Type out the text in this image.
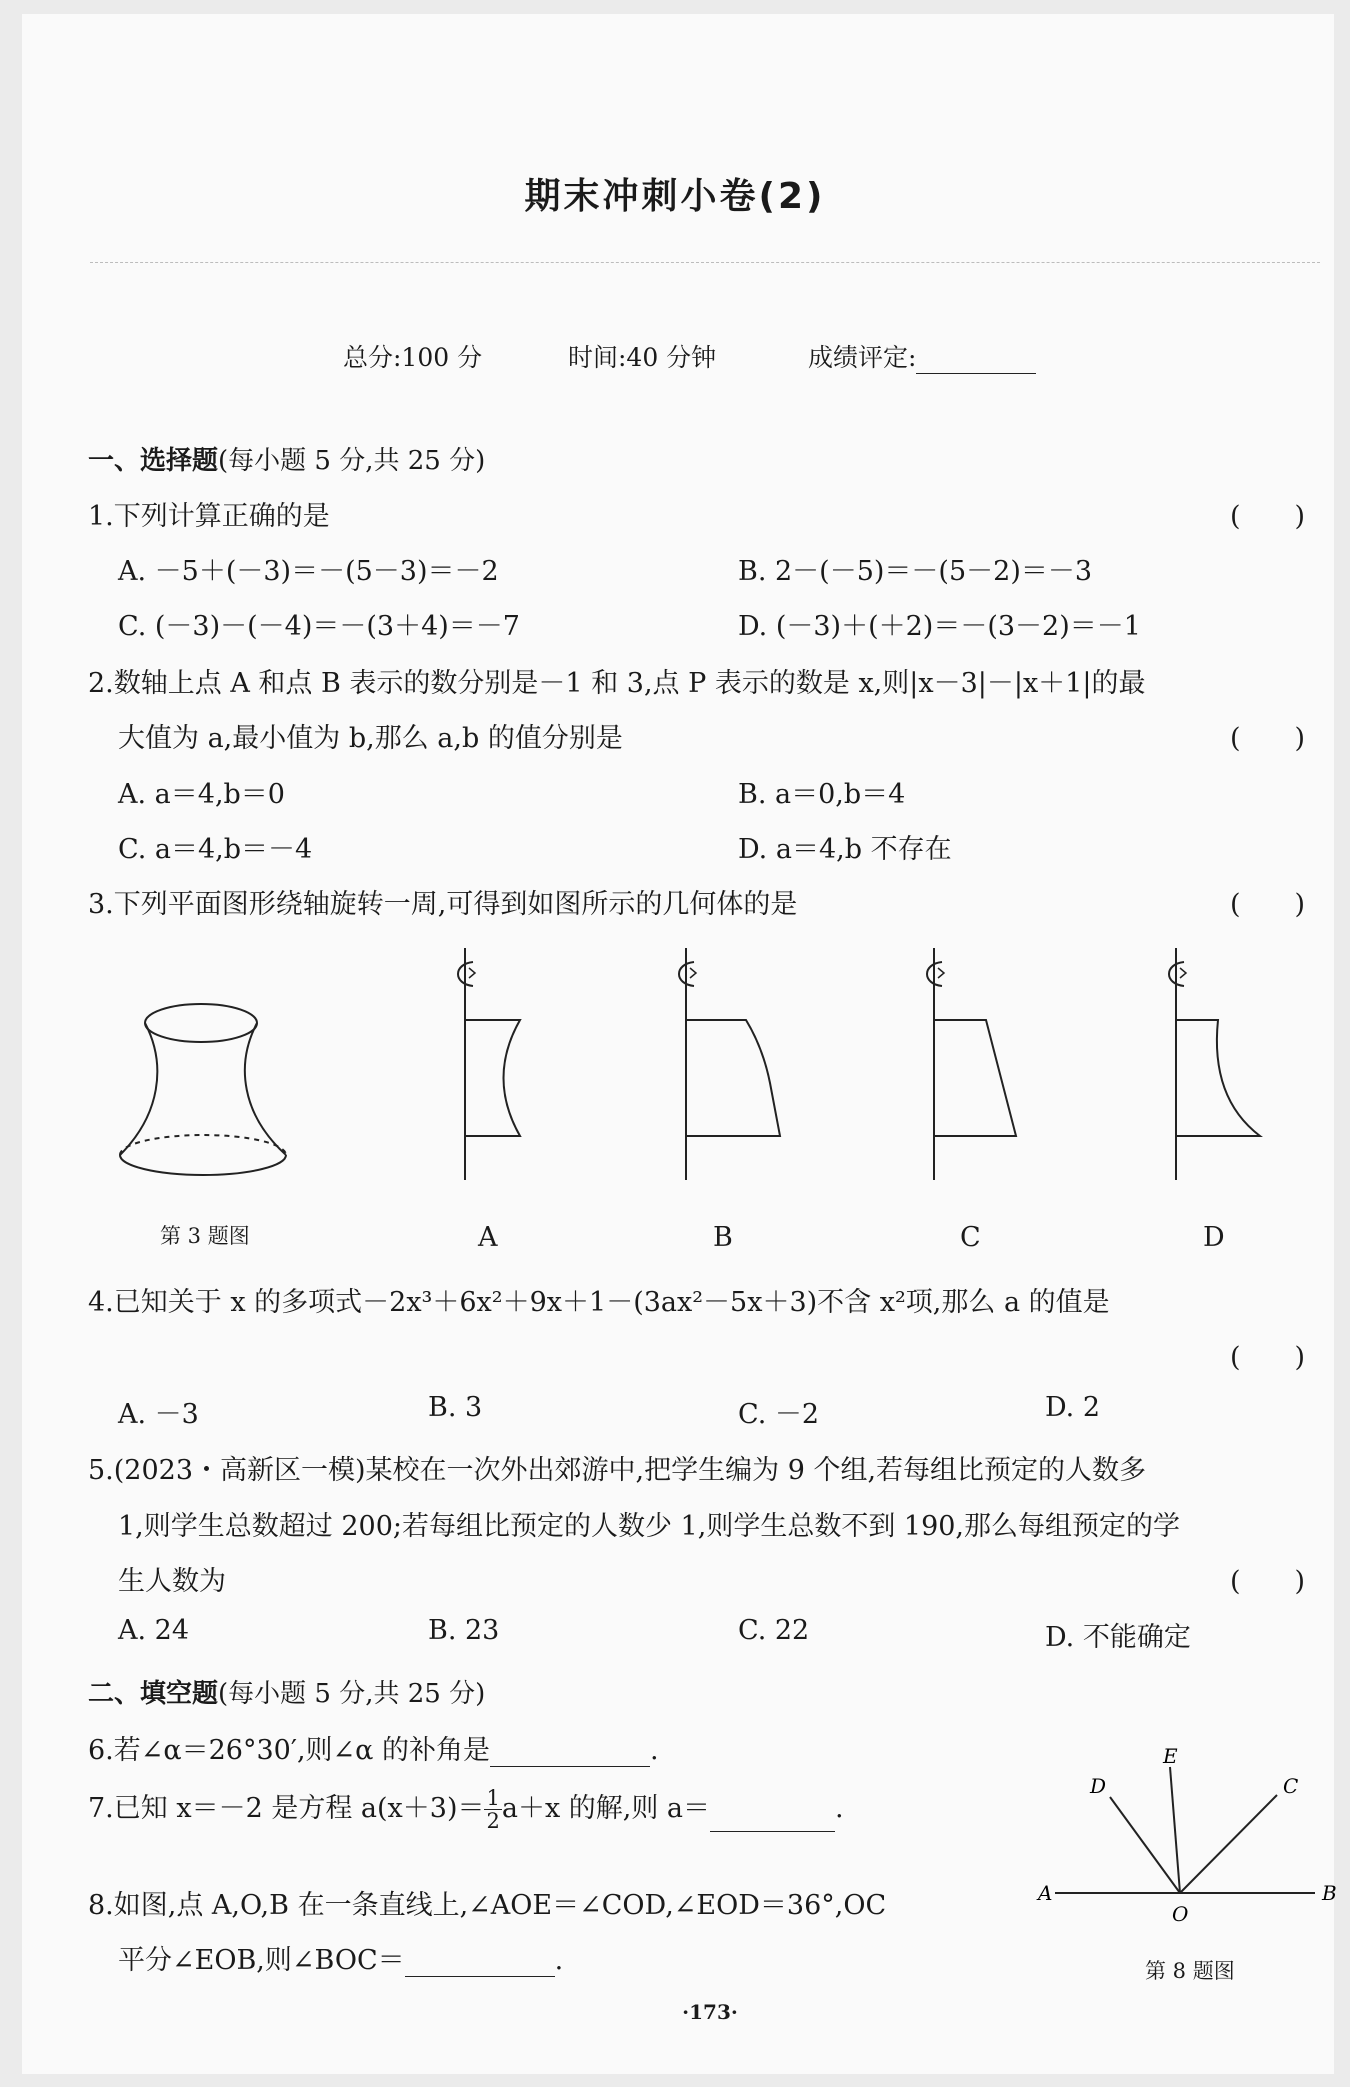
期末冲刺小卷(2)
总分:100 分	时间:40 分钟	成绩评定:
一、选择题(每小题 5 分,共 25 分)
1.下列计算正确的是	(　　)
A. －5＋(－3)＝－(5－3)＝－2	B. 2－(－5)＝－(5－2)＝－3
C. (－3)－(－4)＝－(3＋4)＝－7	D. (－3)＋(＋2)＝－(3－2)＝－1
2.数轴上点 A 和点 B 表示的数分别是－1 和 3,点 P 表示的数是 x,则|x－3|－|x＋1|的最
大值为 a,最小值为 b,那么 a,b 的值分别是	(　　)
A. a＝4,b＝0	B. a＝0,b＝4
C. a＝4,b＝－4	D. a＝4,b 不存在
3.下列平面图形绕轴旋转一周,可得到如图所示的几何体的是	(　　)
第 3 题图	A	B	C	D
4.已知关于 x 的多项式－2x³＋6x²＋9x＋1－(3ax²－5x＋3)不含 x²项,那么 a 的值是
(　　)
A. －3	B. 3	C. －2	D. 2
5.(2023・高新区一模)某校在一次外出郊游中,把学生编为 9 个组,若每组比预定的人数多
1,则学生总数超过 200;若每组比预定的人数少 1,则学生总数不到 190,那么每组预定的学
生人数为	(　　)
A. 24	B. 23	C. 22	D. 不能确定
二、填空题(每小题 5 分,共 25 分)
6.若∠α＝26°30′,则∠α 的补角是	.
7.已知 x＝－2 是方程 $a(x+3)= \frac{1}{2} a+x$ 的解,则 a＝	.
8.如图,点 A,O,B 在一条直线上,∠AOE＝∠COD,∠EOD＝36°,OC
平分∠EOB,则∠BOC＝	.
A	B
O
C
D
E
第 8 题图
·173·
